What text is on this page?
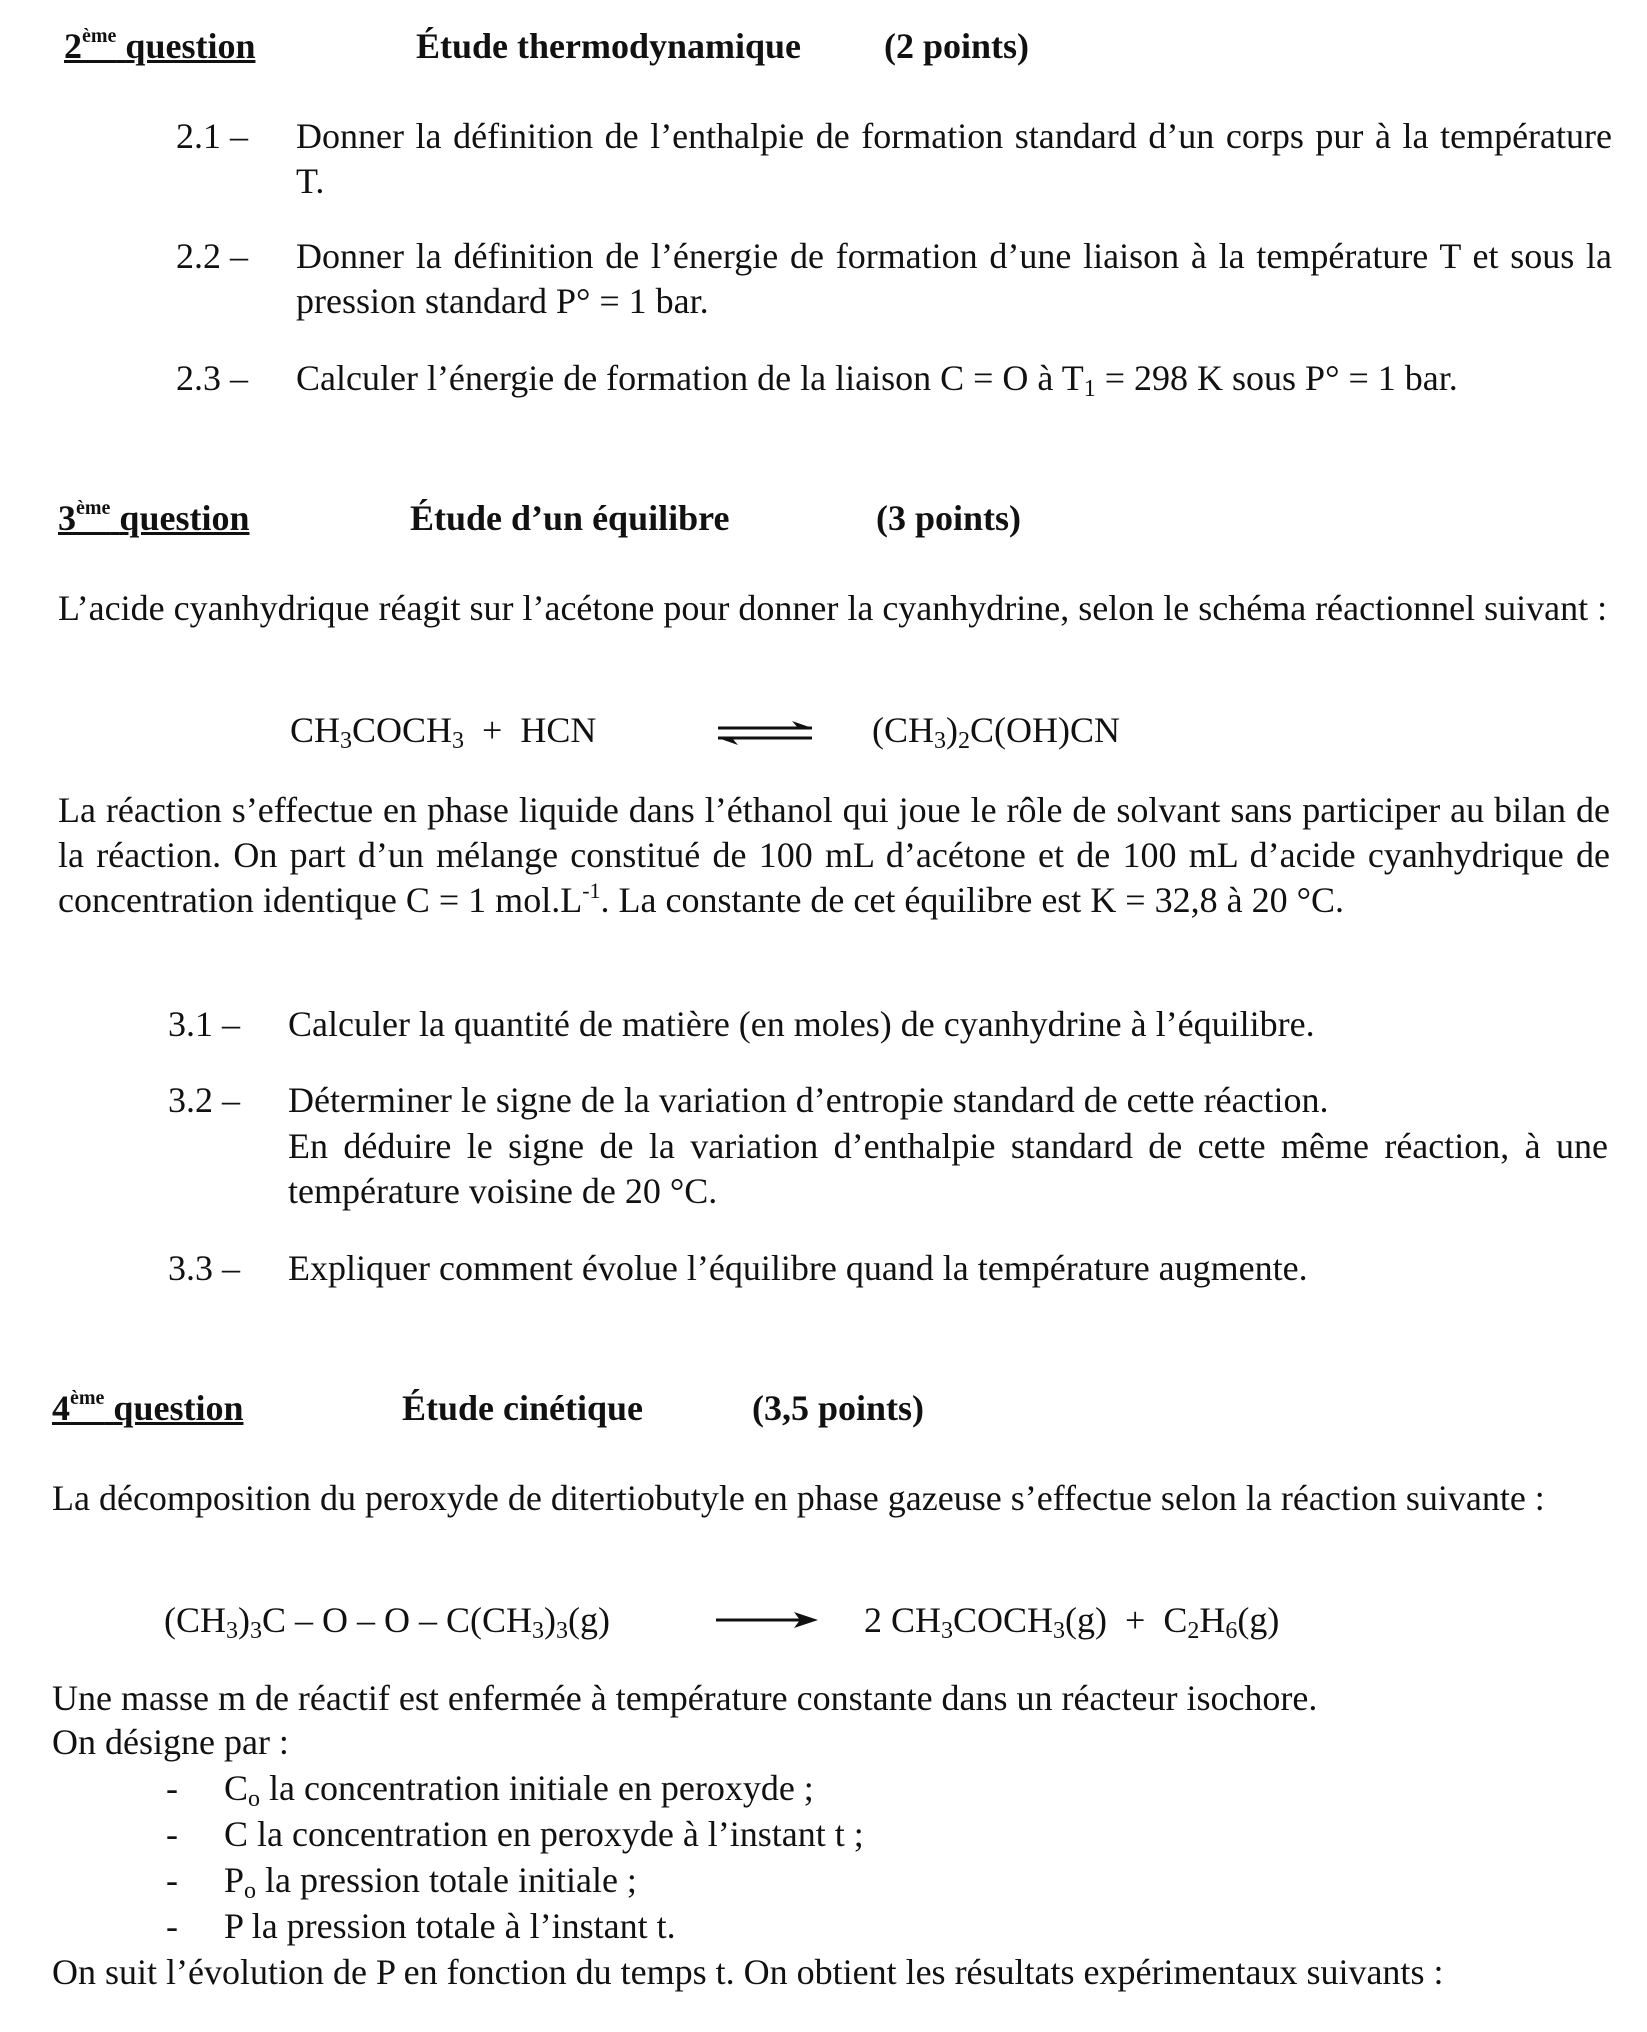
2ème question	Étude thermodynamique (2 points)
2.1 – Donner la définition de l’enthalpie de formation standard d’un corps pur à la température T.
2.2 – Donner la définition de l’énergie de formation d’une liaison à la température T et sous la pression standard P° = 1 bar.
2.3 – Calculer l’énergie de formation de la liaison C = O à $T_1 = 298$ K sous P° = 1 bar.
3ème question	Étude d’un équilibre	(3 points)
L’acide cyanhydrique réagit sur l’acétone pour donner la cyanhydrine, selon le schéma réactionnel suivant :
$CH_3COCH_3$ + HCN	⇌ $(CH_3)_2C(OH)CN$
La réaction s’effectue en phase liquide dans l’éthanol qui joue le rôle de solvant sans participer au bilan de la réaction. On part d’un mélange constitué de 100 mL d’acétone et de 100 mL d’acide cyanhydrique de concentration identique C = 1 $mol.L^{-1}$. La constante de cet équilibre est K = 32,8 à 20 °C.
3.1 – Calculer la quantité de matière (en moles) de cyanhydrine à l’équilibre.
3.2 – Déterminer le signe de la variation d’entropie standard de cette réaction.
En déduire le signe de la variation d’enthalpie standard de cette même réaction, à une température voisine de 20 °C.
3.3 – Expliquer comment évolue l’équilibre quand la température augmente.
4ème question	Étude cinétique	(3,5 points)
La décomposition du peroxyde de ditertiobutyle en phase gazeuse s’effectue selon la réaction suivante :
$(CH_3)_3C$ – O – O – $C(CH_3)_3(g)$	→ 2 $CH_3COCH_3(g) + C_2H_6(g)$
Une masse m de réactif est enfermée à température constante dans un réacteur isochore.
On désigne par :
- $C_o$ la concentration initiale en peroxyde ;
- C la concentration en peroxyde à l’instant t ;
- $P_o$ la pression totale initiale ;
- P la pression totale à l’instant t.
On suit l’évolution de P en fonction du temps t. On obtient les résultats expérimentaux suivants :
